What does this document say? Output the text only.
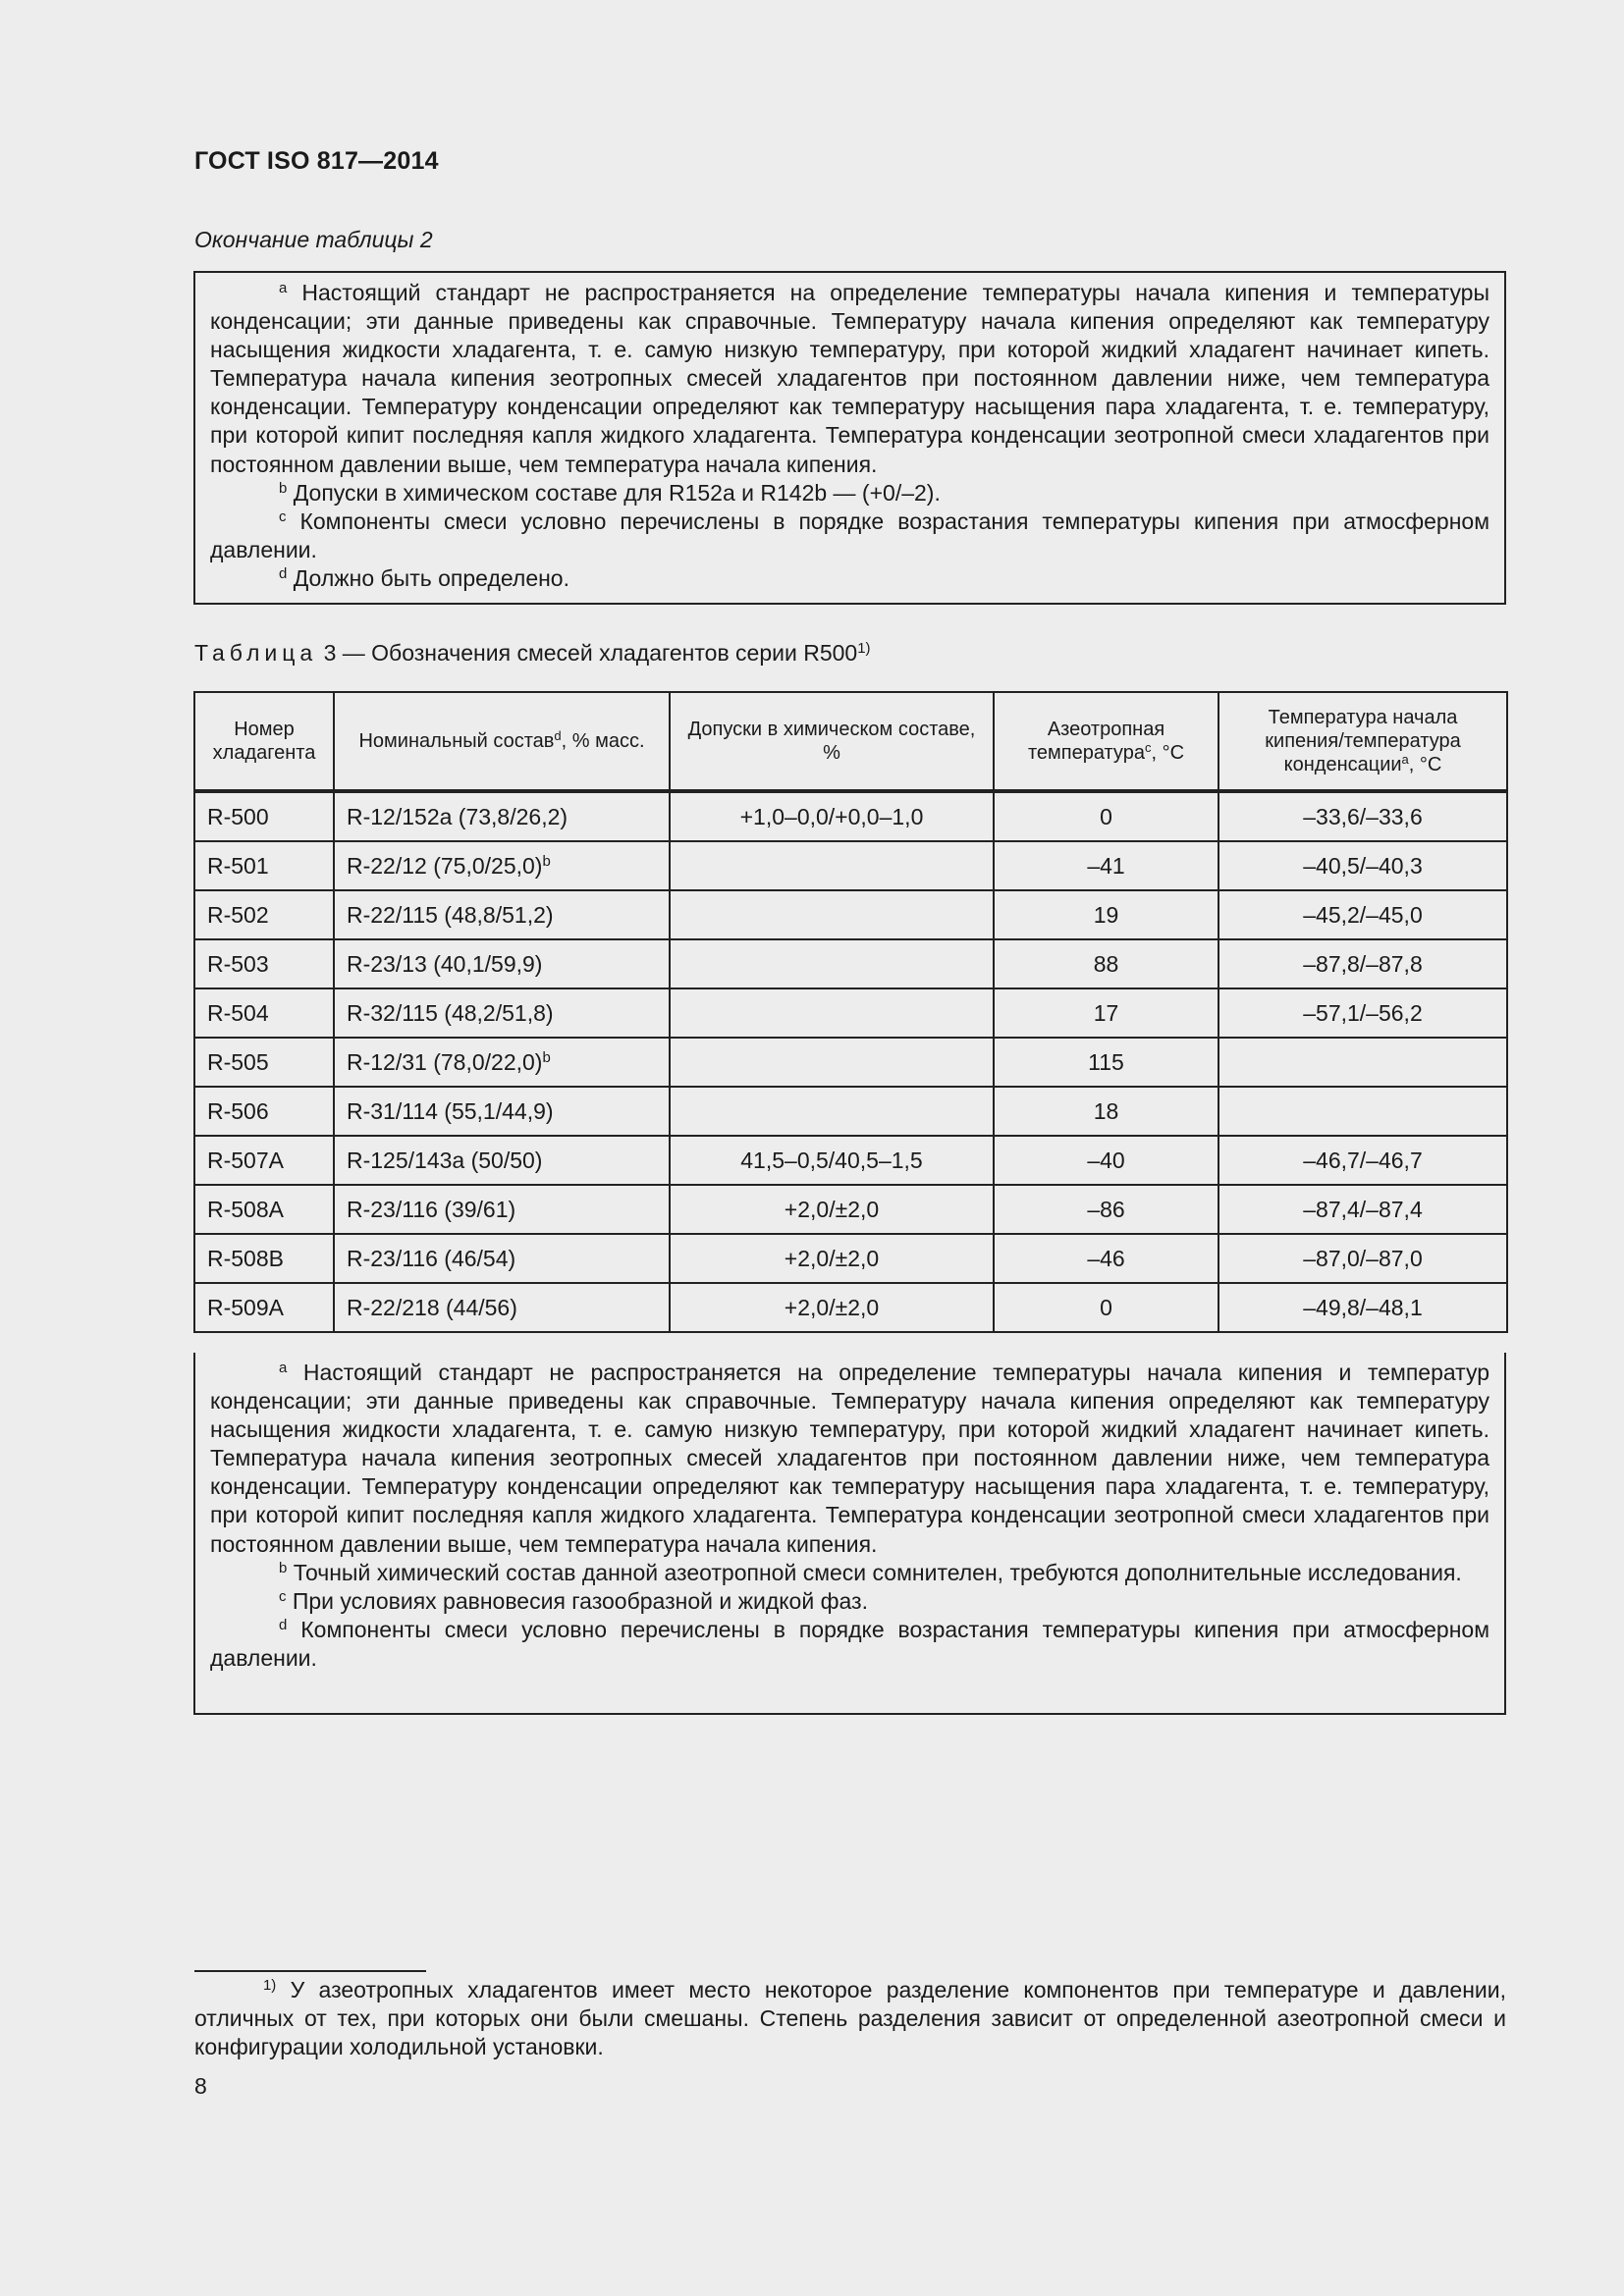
ГОСТ ISO 817—2014
Окончание таблицы 2

$^a$ Настоящий стандарт не распространяется на определение температуры начала кипения и температуры конденсации; эти данные приведены как справочные. Температуру начала кипения определяют как температуру насыщения жидкости хладагента, т. е. самую низкую температуру, при которой жидкий хладагент начинает кипеть. Температура начала кипения зеотропных смесей хладагентов при постоянном давлении ниже, чем температура конденсации. Температуру конденсации определяют как температуру насыщения пара хладагента, т. е. температуру, при которой кипит последняя капля жидкого хладагента. Температура конденсации зеотропной смеси хладагентов при постоянном давлении выше, чем температура начала кипения.

$^b$ Допуски в химическом составе для R152a и R142b — (+0/–2).

$^c$ Компоненты смеси условно перечислены в порядке возрастания температуры кипения при атмосферном давлении.

$^d$ Должно быть определено.

Таблица 3 — Обозначения смесей хладагентов серии R500$^{1)}$
Номер хладагента	Номинальный состав$^d$, % масс.	Допуски в химическом составе, %	Азеотропная температура$^c$, °С	Температура начала кипения/температура конденсации$^a$, °С
R-500	R-12/152a (73,8/26,2)	+1,0–0,0/+0,0–1,0	0	–33,6/–33,6
R-501	R-22/12 $(75,0/25,0)^b$		–41	–40,5/–40,3
R-502	R-22/115 (48,8/51,2)		19	–45,2/–45,0
R-503	R-23/13 (40,1/59,9)		88	–87,8/–87,8
R-504	R-32/115 (48,2/51,8)		17	–57,1/–56,2
R-505	R-12/31 $(78,0/22,0)^b$		115	
R-506	R-31/114 (55,1/44,9)		18	
R-507A	R-125/143a (50/50)	41,5–0,5/40,5–1,5	–40	–46,7/–46,7
R-508A	R-23/116 (39/61)	+2,0/±2,0	–86	–87,4/–87,4
R-508B	R-23/116 (46/54)	+2,0/±2,0	–46	–87,0/–87,0
R-509A	R-22/218 (44/56)	+2,0/±2,0	0	–49,8/–48,1

$^a$ Настоящий стандарт не распространяется на определение температуры начала кипения и температур конденсации; эти данные приведены как справочные. Температуру начала кипения определяют как температуру насыщения жидкости хладагента, т. е. самую низкую температуру, при которой жидкий хладагент начинает кипеть. Температура начала кипения зеотропных смесей хладагентов при постоянном давлении ниже, чем температура конденсации. Температуру конденсации определяют как температуру насыщения пара хладагента, т. е. температуру, при которой кипит последняя капля жидкого хладагента. Температура конденсации зеотропной смеси хладагентов при постоянном давлении выше, чем температура начала кипения.

$^b$ Точный химический состав данной азеотропной смеси сомнителен, требуются дополнительные исследования.

$^c$ При условиях равновесия газообразной и жидкой фаз.

$^d$ Компоненты смеси условно перечислены в порядке возрастания температуры кипения при атмосферном давлении.

$^{1)}$ У азеотропных хладагентов имеет место некоторое разделение компонентов при температуре и давлении, отличных от тех, при которых они были смешаны. Степень разделения зависит от определенной азеотропной смеси и конфигурации холодильной установки.

8
